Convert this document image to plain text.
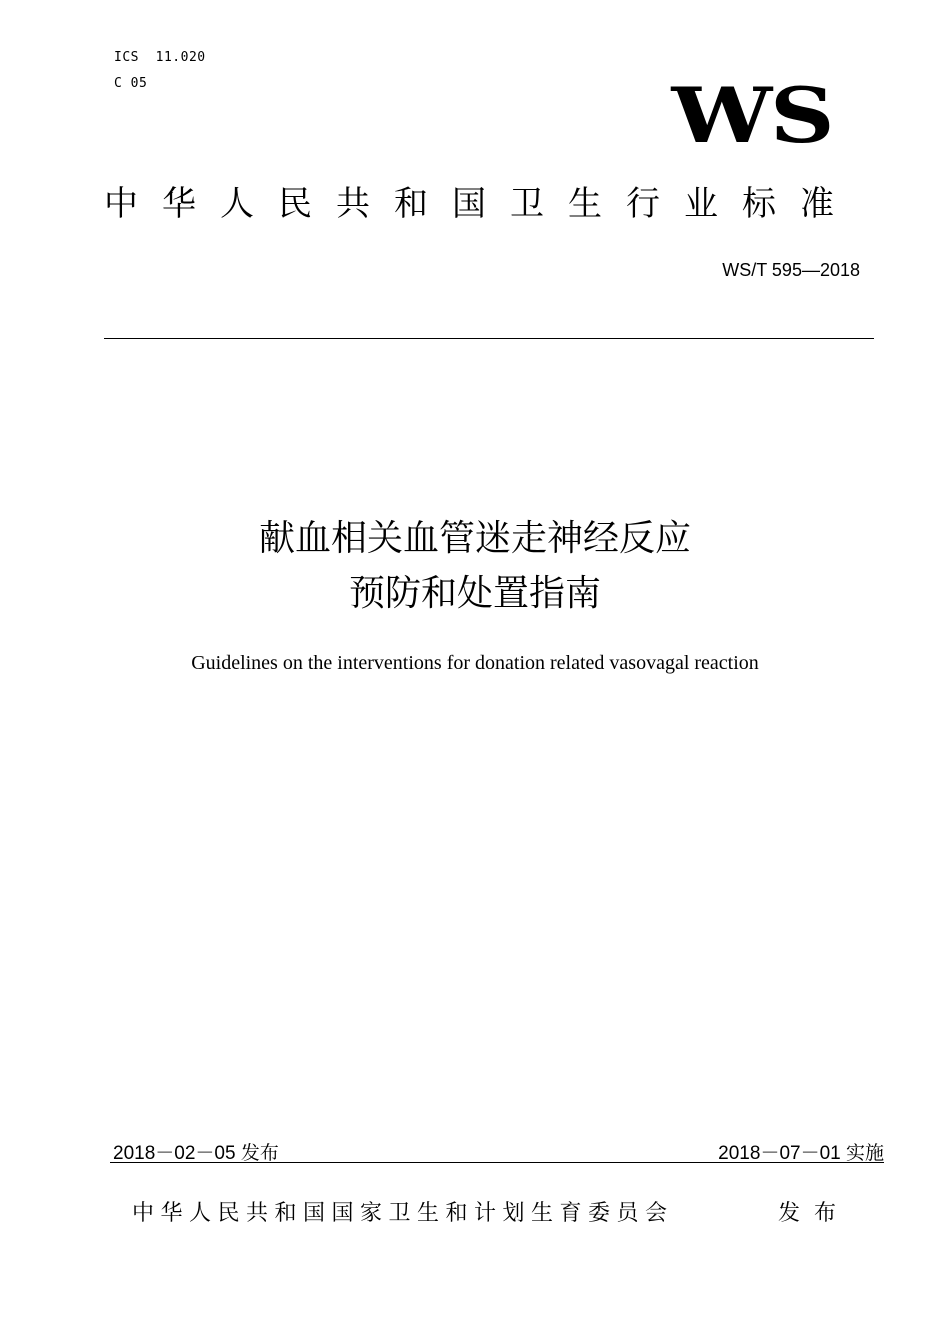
ICS  11.020
C 05	WS
中华人民共和国卫生行业标准
WS/T 595—2018
献血相关血管迷走神经反应
预防和处置指南
Guidelines on the interventions for donation related vasovagal reaction
2018－02－05 发布	2018－07－01 实施
中华人民共和国国家卫生和计划生育委员会	发布
